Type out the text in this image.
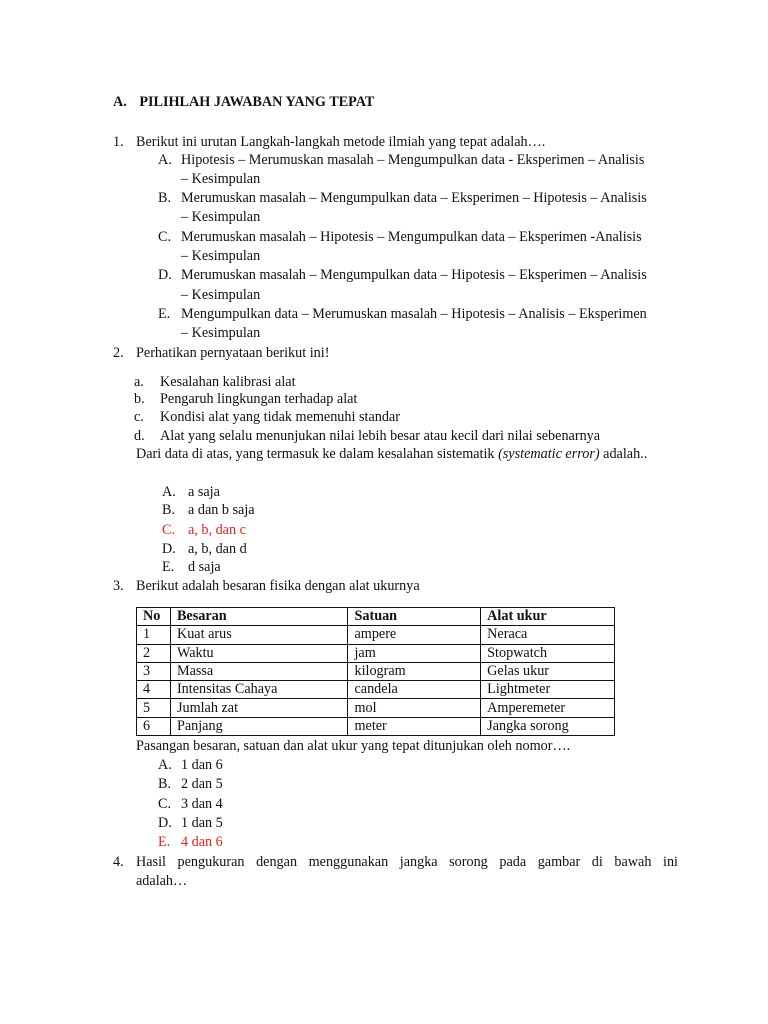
A. PILIHLAH JAWABAN YANG TEPAT
1. Berikut ini urutan Langkah-langkah metode ilmiah yang tepat adalah….
A. Hipotesis – Merumuskan masalah – Mengumpulkan data - Eksperimen – Analisis
– Kesimpulan
B. Merumuskan masalah – Mengumpulkan data – Eksperimen – Hipotesis – Analisis
– Kesimpulan
C. Merumuskan masalah – Hipotesis – Mengumpulkan data – Eksperimen -Analisis
– Kesimpulan
D. Merumuskan masalah – Mengumpulkan data – Hipotesis – Eksperimen – Analisis
– Kesimpulan
E. Mengumpulkan data – Merumuskan masalah – Hipotesis – Analisis – Eksperimen
– Kesimpulan
2. Perhatikan pernyataan berikut ini!
a. Kesalahan kalibrasi alat
b. Pengaruh lingkungan terhadap alat
c. Kondisi alat yang tidak memenuhi standar
d. Alat yang selalu menunjukan nilai lebih besar atau kecil dari nilai sebenarnya
Dari data di atas, yang termasuk ke dalam kesalahan sistematik (systematic error) adalah..
A. a saja
B. a dan b saja
C. a, b, dan c
D. a, b, dan d
E. d saja
3. Berikut adalah besaran fisika dengan alat ukurnya
No	Besaran	Satuan	Alat ukur
1	Kuat arus	ampere	Neraca
2	Waktu	jam	Stopwatch
3	Massa	kilogram	Gelas ukur
4	Intensitas Cahaya	candela	Lightmeter
5	Jumlah zat	mol	Amperemeter
6	Panjang	meter	Jangka sorong
Pasangan besaran, satuan dan alat ukur yang tepat ditunjukan oleh nomor….
A. 1 dan 6
B. 2 dan 5
C. 3 dan 4
D. 1 dan 5
E. 4 dan 6
4. Hasil pengukuran dengan menggunakan jangka sorong pada gambar di bawah ini
adalah…
